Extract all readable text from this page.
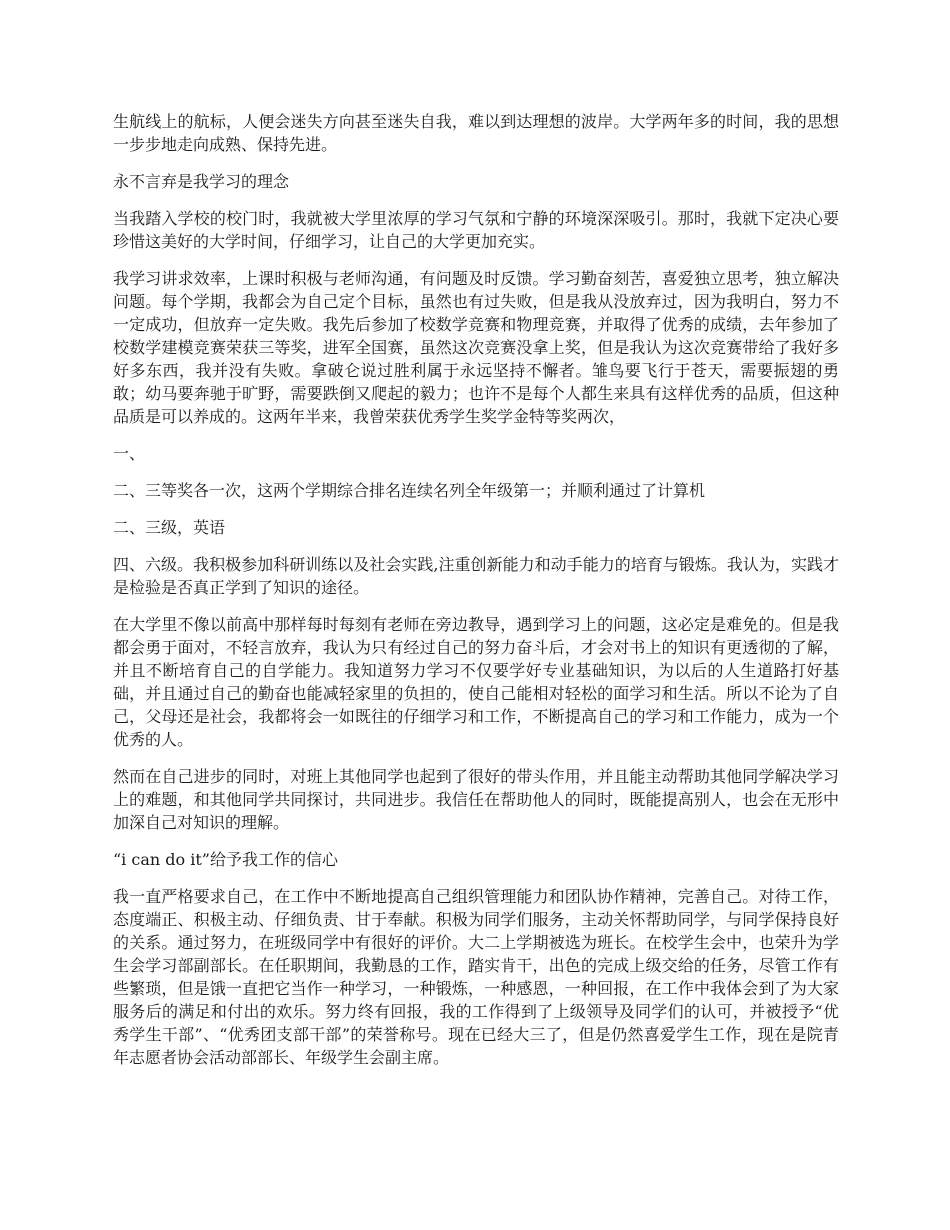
生航线上的航标，人便会迷失方向甚至迷失自我，难以到达理想的波岸。大学两年多的时间，我的思想一步步地走向成熟、保持先进。

永不言弃是我学习的理念

当我踏入学校的校门时，我就被大学里浓厚的学习气氛和宁静的环境深深吸引。那时，我就下定决心要珍惜这美好的大学时间，仔细学习，让自己的大学更加充实。

我学习讲求效率，上课时积极与老师沟通，有问题及时反馈。学习勤奋刻苦，喜爱独立思考，独立解决问题。每个学期，我都会为自己定个目标，虽然也有过失败，但是我从没放弃过，因为我明白，努力不一定成功，但放弃一定失败。我先后参加了校数学竞赛和物理竞赛，并取得了优秀的成绩，去年参加了校数学建模竞赛荣获三等奖，进军全国赛，虽然这次竞赛没拿上奖，但是我认为这次竞赛带给了我好多好多东西，我并没有失败。拿破仑说过胜利属于永远坚持不懈者。雏鸟要飞行于苍天，需要振翅的勇敢；幼马要奔驰于旷野，需要跌倒又爬起的毅力；也许不是每个人都生来具有这样优秀的品质，但这种品质是可以养成的。这两年半来，我曾荣获优秀学生奖学金特等奖两次，

一、

二、三等奖各一次，这两个学期综合排名连续名列全年级第一；并顺利通过了计算机

二、三级，英语

四、六级。我积极参加科研训练以及社会实践,注重创新能力和动手能力的培育与锻炼。我认为，实践才是检验是否真正学到了知识的途径。

在大学里不像以前高中那样每时每刻有老师在旁边教导，遇到学习上的问题，这必定是难免的。但是我都会勇于面对，不轻言放弃，我认为只有经过自己的努力奋斗后，才会对书上的知识有更透彻的了解，并且不断培育自己的自学能力。我知道努力学习不仅要学好专业基础知识，为以后的人生道路打好基础，并且通过自己的勤奋也能减轻家里的负担的，使自己能相对轻松的面学习和生活。所以不论为了自己，父母还是社会，我都将会一如既往的仔细学习和工作，不断提高自己的学习和工作能力，成为一个优秀的人。

然而在自己进步的同时，对班上其他同学也起到了很好的带头作用，并且能主动帮助其他同学解决学习上的难题，和其他同学共同探讨，共同进步。我信任在帮助他人的同时，既能提高别人，也会在无形中加深自己对知识的理解。

“i can do it”给予我工作的信心

我一直严格要求自己，在工作中不断地提高自己组织管理能力和团队协作精神，完善自己。对待工作，态度端正、积极主动、仔细负责、甘于奉献。积极为同学们服务，主动关怀帮助同学，与同学保持良好的关系。通过努力，在班级同学中有很好的评价。大二上学期被选为班长。在校学生会中，也荣升为学生会学习部副部长。在任职期间，我勤恳的工作，踏实肯干，出色的完成上级交给的任务，尽管工作有些繁琐，但是饿一直把它当作一种学习，一种锻炼，一种感恩，一种回报，在工作中我体会到了为大家服务后的满足和付出的欢乐。努力终有回报，我的工作得到了上级领导及同学们的认可，并被授予“优秀学生干部”、“优秀团支部干部”的荣誉称号。现在已经大三了，但是仍然喜爱学生工作，现在是院青年志愿者协会活动部部长、年级学生会副主席。
